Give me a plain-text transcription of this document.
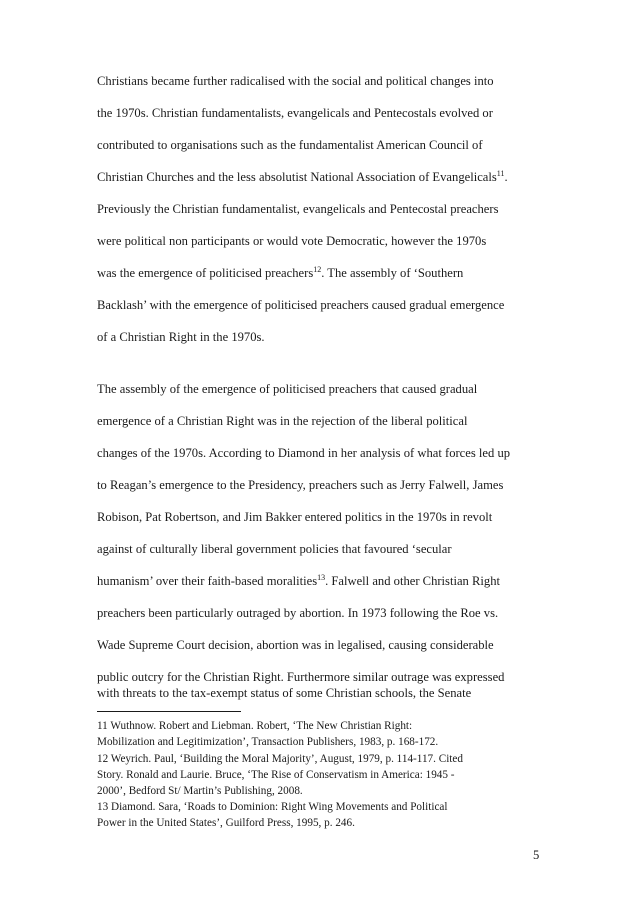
Christians became further radicalised with the social and political changes into

the 1970s. Christian fundamentalists, evangelicals and Pentecostals evolved or

contributed to organisations such as the fundamentalist American Council of

Christian Churches and the less absolutist National Association of Evangelicals$^{11}$.

Previously the Christian fundamentalist, evangelicals and Pentecostal preachers

were political non participants or would vote Democratic, however the 1970s

was the emergence of politicised preachers$^{12}$. The assembly of ‘Southern

Backlash’ with the emergence of politicised preachers caused gradual emergence

of a Christian Right in the 1970s.

The assembly of the emergence of politicised preachers that caused gradual

emergence of a Christian Right was in the rejection of the liberal political

changes of the 1970s. According to Diamond in her analysis of what forces led up

to Reagan’s emergence to the Presidency, preachers such as Jerry Falwell, James

Robison, Pat Robertson, and Jim Bakker entered politics in the 1970s in revolt

against of culturally liberal government policies that favoured ‘secular

humanism’ over their faith-based moralities$^{13}$. Falwell and other Christian Right

preachers been particularly outraged by abortion. In 1973 following the Roe vs.

Wade Supreme Court decision, abortion was in legalised, causing considerable

public outcry for the Christian Right. Furthermore similar outrage was expressed

with threats to the tax-exempt status of some Christian schools, the Senate

11 Wuthnow. Robert and Liebman. Robert, ‘The New Christian Right:

Mobilization and Legitimization’, Transaction Publishers, 1983, p. 168-172.

12 Weyrich. Paul, ‘Building the Moral Majority’, August, 1979, p. 114-117. Cited

Story. Ronald and Laurie. Bruce, ‘The Rise of Conservatism in America: 1945 -

2000’, Bedford St/ Martin’s Publishing, 2008.

13 Diamond. Sara, ‘Roads to Dominion: Right Wing Movements and Political

Power in the United States’, Guilford Press, 1995, p. 246.

5
